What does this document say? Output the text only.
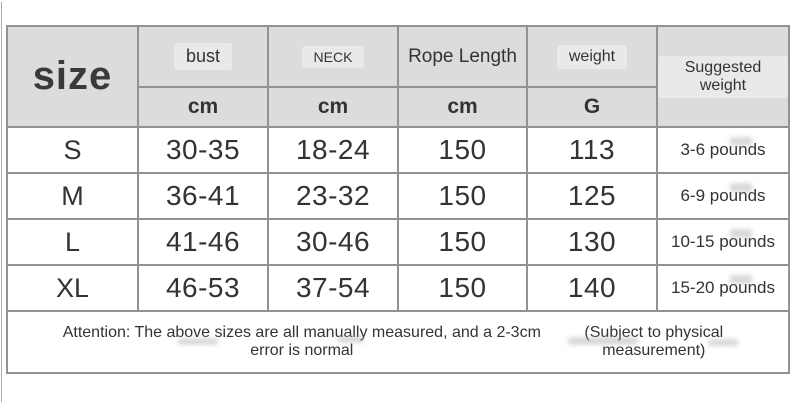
size	bust	NECK	Rope Length	weight	Suggested weight
	cm	cm	cm	G	
S	30-35	18-24	150	113	3-6 pounds
M	36-41	23-32	150	125	6-9 pounds
L	41-46	30-46	150	130	10-15 pounds
XL	46-53	37-54	150	140	15-20 pounds

Attention: The above sizes are all manually measured, and a 2-3cm error is normal
(Subject to physical measurement)					
